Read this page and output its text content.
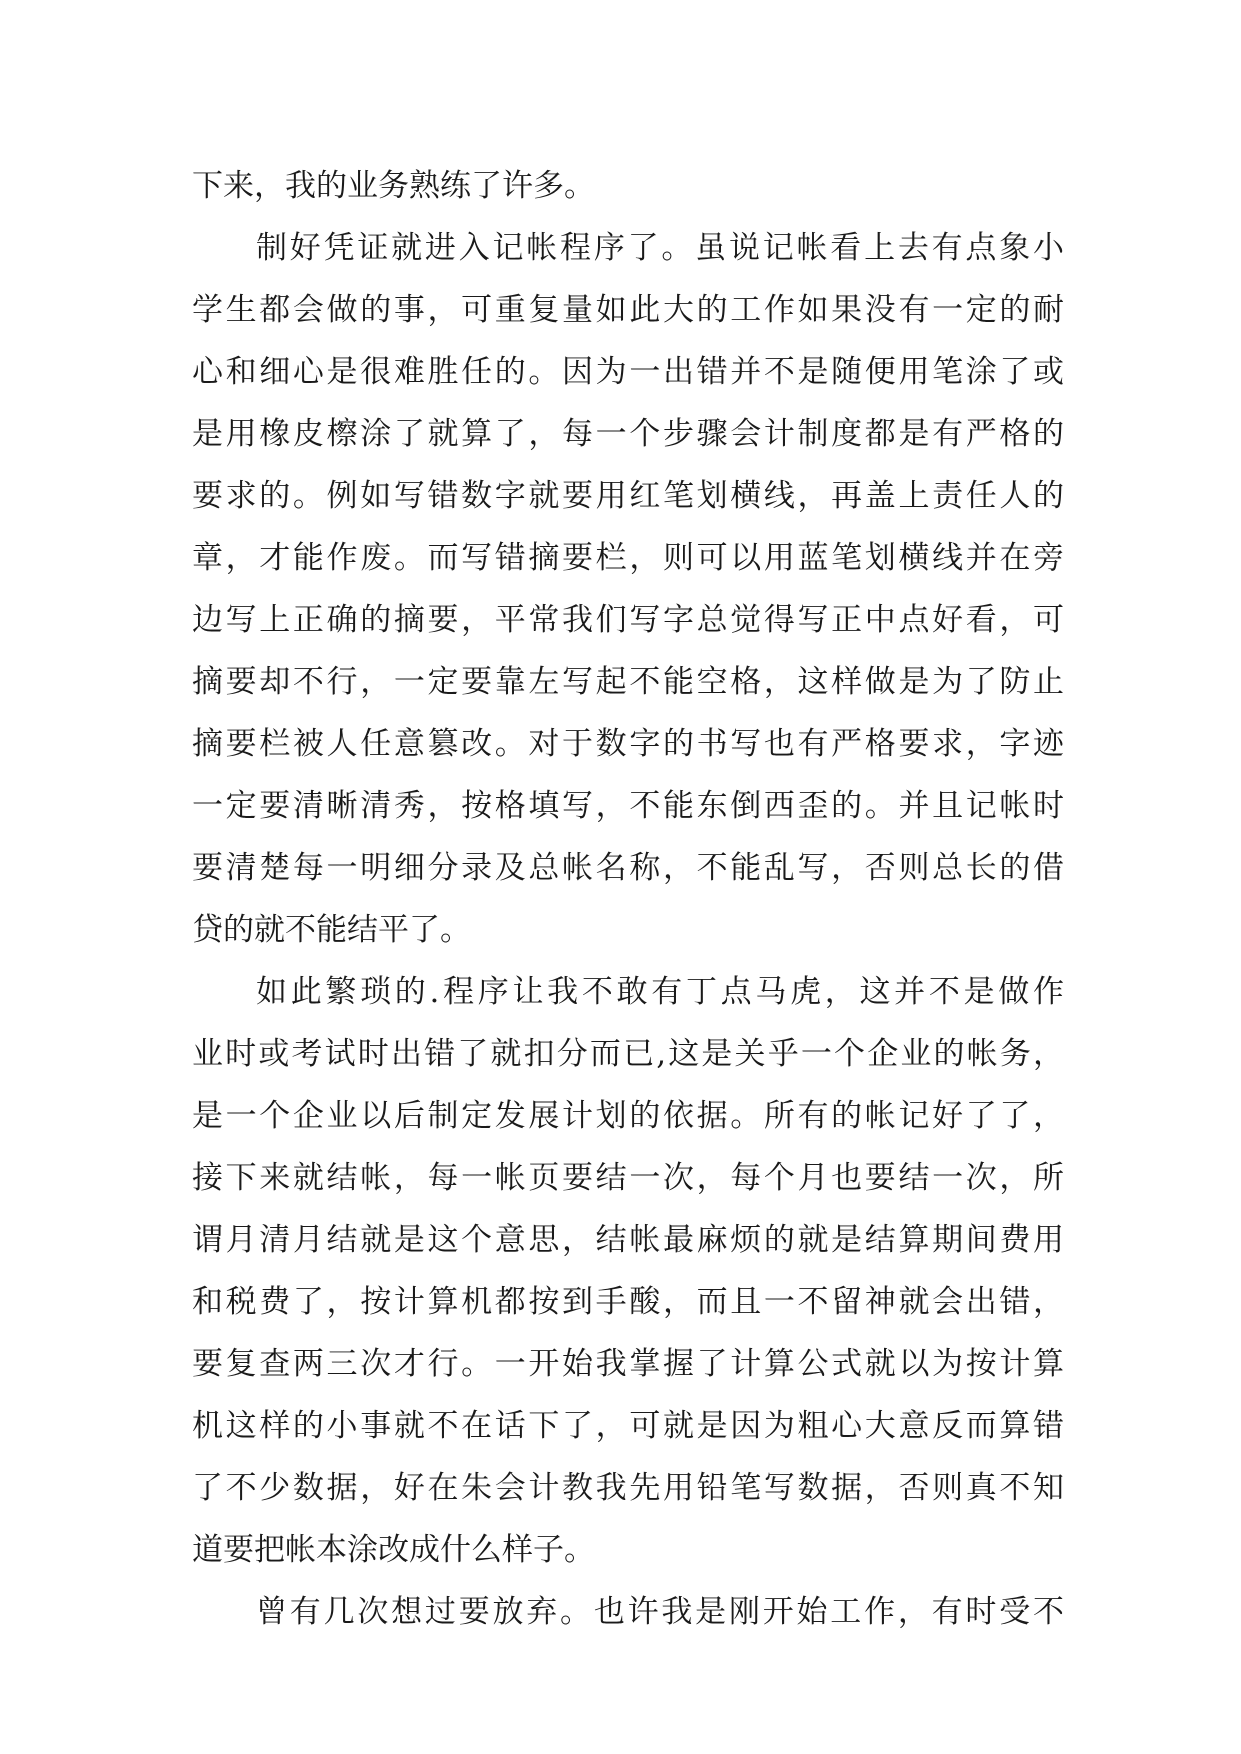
下来，我的业务熟练了许多。
制好凭证就进入记帐程序了。虽说记帐看上去有点象小
学生都会做的事，可重复量如此大的工作如果没有一定的耐
心和细心是很难胜任的。因为一出错并不是随便用笔涂了或
是用橡皮檫涂了就算了，每一个步骤会计制度都是有严格的
要求的。例如写错数字就要用红笔划横线，再盖上责任人的
章，才能作废。而写错摘要栏，则可以用蓝笔划横线并在旁
边写上正确的摘要，平常我们写字总觉得写正中点好看，可
摘要却不行，一定要靠左写起不能空格，这样做是为了防止
摘要栏被人任意篡改。对于数字的书写也有严格要求，字迹
一定要清晰清秀，按格填写，不能东倒西歪的。并且记帐时
要清楚每一明细分录及总帐名称，不能乱写，否则总长的借
贷的就不能结平了。
如此繁琐的.程序让我不敢有丁点马虎，这并不是做作
业时或考试时出错了就扣分而已,这是关乎一个企业的帐务，
是一个企业以后制定发展计划的依据。所有的帐记好了了，
接下来就结帐，每一帐页要结一次，每个月也要结一次，所
谓月清月结就是这个意思，结帐最麻烦的就是结算期间费用
和税费了，按计算机都按到手酸，而且一不留神就会出错，
要复查两三次才行。一开始我掌握了计算公式就以为按计算
机这样的小事就不在话下了，可就是因为粗心大意反而算错
了不少数据，好在朱会计教我先用铅笔写数据，否则真不知
道要把帐本涂改成什么样子。
曾有几次想过要放弃。也许我是刚开始工作，有时受不
